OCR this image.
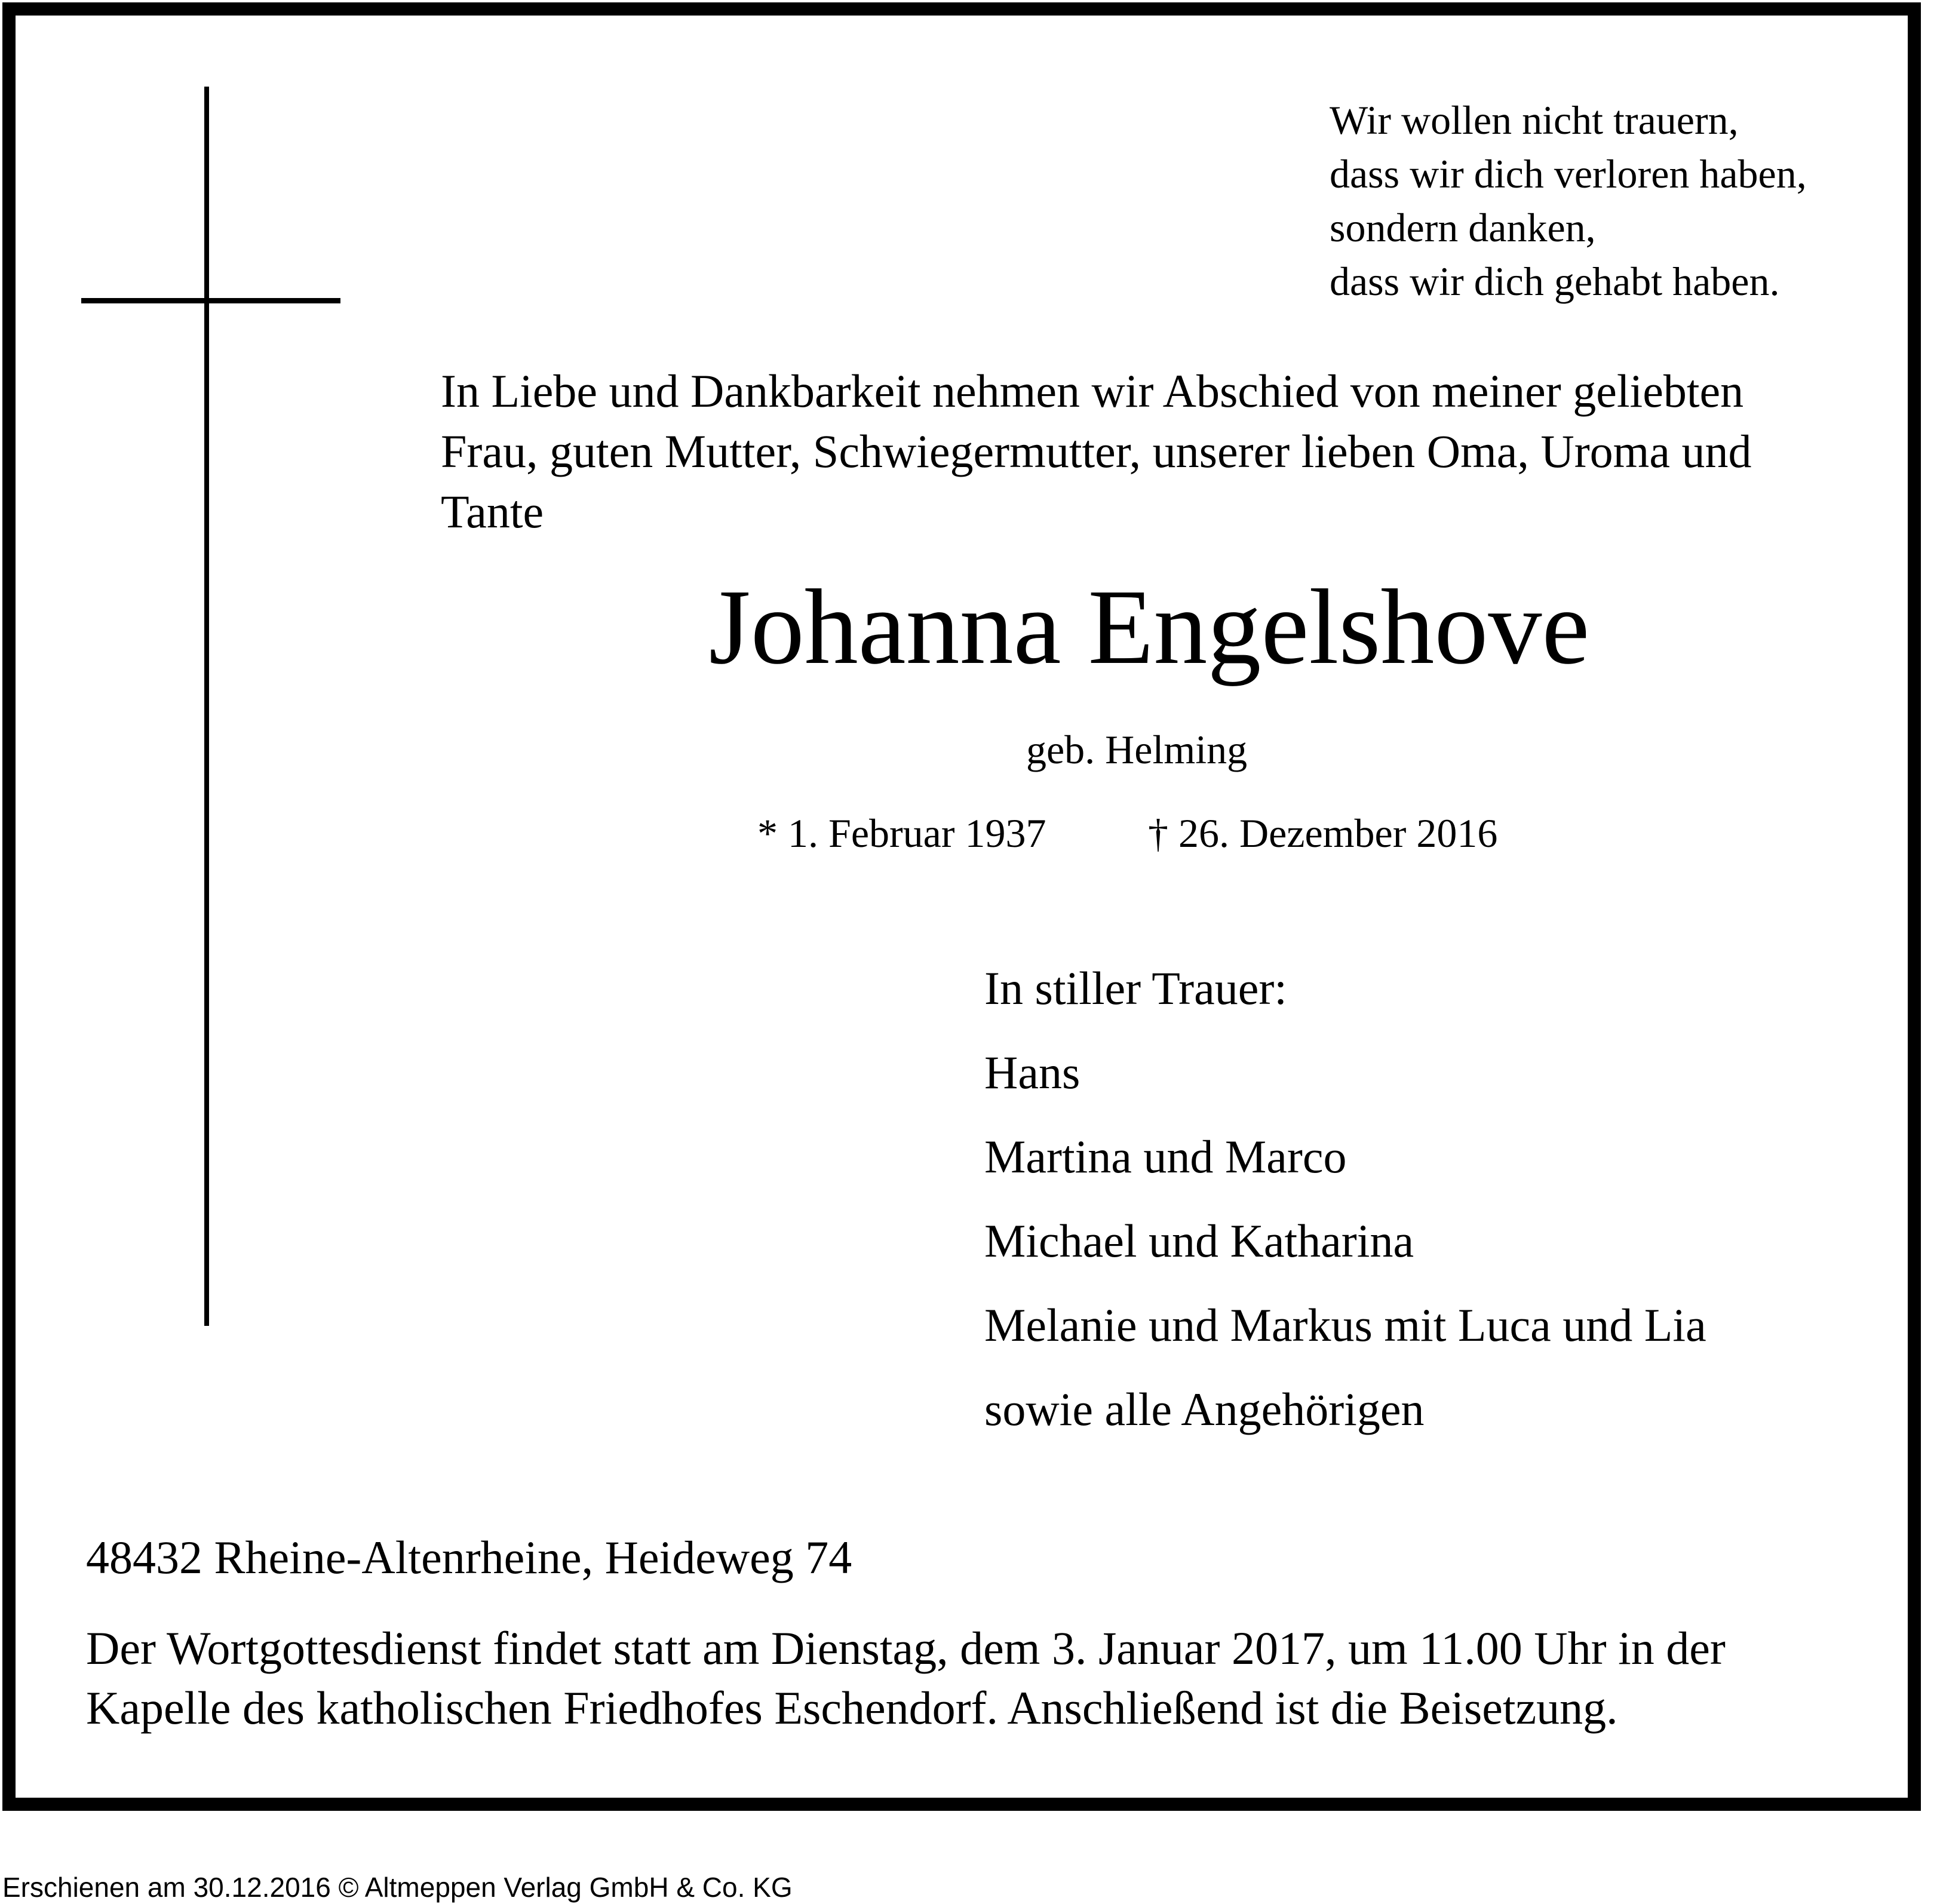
Wir wollen nicht trauern,
dass wir dich verloren haben,
sondern danken,
dass wir dich gehabt haben.
In Liebe und Dankbarkeit nehmen wir Abschied von meiner geliebten
Frau, guten Mutter, Schwiegermutter, unserer lieben Oma, Uroma und
Tante
Johanna Engelshove
geb. Helming
* 1. Februar 1937	† 26. Dezember 2016
In stiller Trauer:
Hans
Martina und Marco
Michael und Katharina
Melanie und Markus mit Luca und Lia
sowie alle Angehörigen
48432 Rheine-Altenrheine, Heideweg 74
Der Wortgottesdienst findet statt am Dienstag, dem 3. Januar 2017, um 11.00 Uhr in der
Kapelle des katholischen Friedhofes Eschendorf. Anschließend ist die Beisetzung.
Erschienen am 30.12.2016 © Altmeppen Verlag GmbH & Co. KG
